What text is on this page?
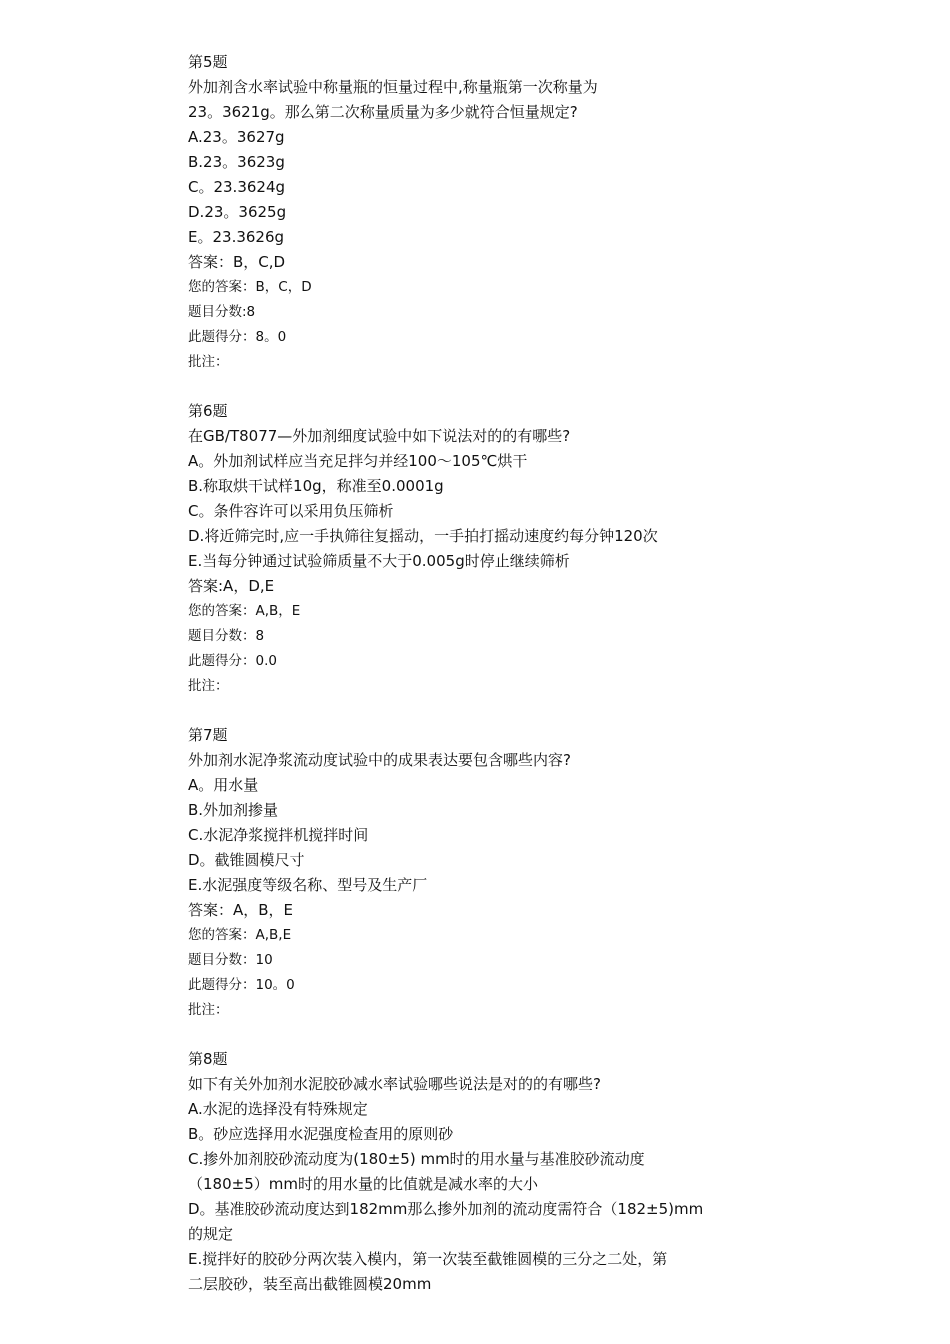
第5题
外加剂含水率试验中称量瓶的恒量过程中,称量瓶第一次称量为
23。3621g。那么第二次称量质量为多少就符合恒量规定?
A.23。3627g
B.23。3623g
C。23.3624g
D.23。3625g
E。23.3626g
答案：B，C,D
您的答案：B，C，D
题目分数:8
此题得分：8。0
批注：
第6题
在GB/T8077—外加剂细度试验中如下说法对的的有哪些?
A。外加剂试样应当充足拌匀并经100～105℃烘干
B.称取烘干试样10g，称准至0.0001g
C。条件容许可以采用负压筛析
D.将近筛完时,应一手执筛往复摇动，一手拍打摇动速度约每分钟120次
E.当每分钟通过试验筛质量不大于0.005g时停止继续筛析
答案:A，D,E
您的答案：A,B，E
题目分数：8
此题得分：0.0
批注：
第7题
外加剂水泥净浆流动度试验中的成果表达要包含哪些内容?
A。用水量
B.外加剂掺量
C.水泥净浆搅拌机搅拌时间
D。截锥圆模尺寸
E.水泥强度等级名称、型号及生产厂
答案：A，B，E
您的答案：A,B,E
题目分数：10
此题得分：10。0
批注：
第8题
如下有关外加剂水泥胶砂减水率试验哪些说法是对的的有哪些?
A.水泥的选择没有特殊规定
B。砂应选择用水泥强度检查用的原则砂
C.掺外加剂胶砂流动度为(180±5) mm时的用水量与基准胶砂流动度
（180±5）mm时的用水量的比值就是减水率的大小
D。基准胶砂流动度达到182mm那么掺外加剂的流动度需符合（182±5)mm
的规定
E.搅拌好的胶砂分两次装入模内，第一次装至截锥圆模的三分之二处，第
二层胶砂，装至高出截锥圆模20mm
